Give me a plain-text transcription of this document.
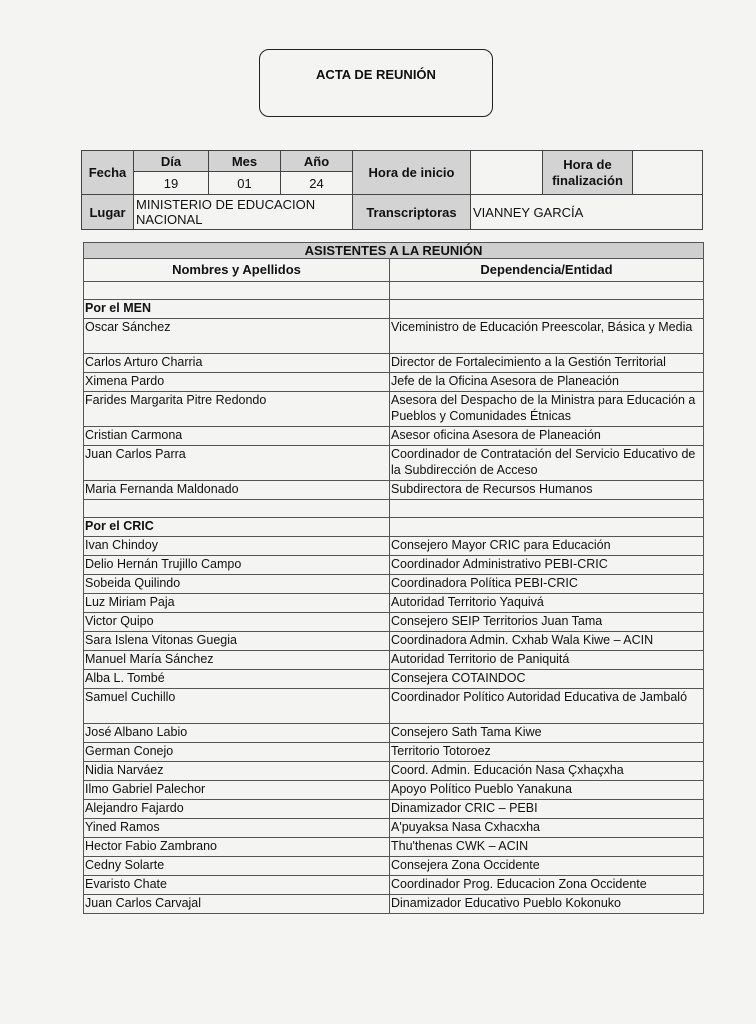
ACTA DE REUNIÓN
Fecha	Día	Mes	Año	Hora de inicio		Hora de finalización	
	19	01	24				
Lugar	MINISTERIO DE EDUCACION NACIONAL			Transcriptoras	VIANNEY GARCÍA		
ASISTENTES A LA REUNIÓN	
Nombres y Apellidos	Dependencia/Entidad

Por el MEN	
Oscar Sánchez	Viceministro de Educación Preescolar, Básica y Media
Carlos Arturo Charria	Director de Fortalecimiento a la Gestión Territorial
Ximena Pardo	Jefe de la Oficina Asesora de Planeación
Farides Margarita Pitre Redondo	Asesora del Despacho de la Ministra para Educación a Pueblos y Comunidades Étnicas
Cristian Carmona	Asesor oficina Asesora de Planeación
Juan Carlos Parra	Coordinador de Contratación del Servicio Educativo de la Subdirección de Acceso
Maria Fernanda Maldonado	Subdirectora de Recursos Humanos

Por el CRIC	
Ivan Chindoy	Consejero Mayor CRIC para Educación
Delio Hernán Trujillo Campo	Coordinador Administrativo PEBI-CRIC
Sobeida Quilindo	Coordinadora Política PEBI-CRIC
Luz Miriam Paja	Autoridad Territorio Yaquivá
Victor Quipo	Consejero SEIP Territorios Juan Tama
Sara Islena Vitonas Guegia	Coordinadora Admin. Cxhab Wala Kiwe – ACIN
Manuel María Sánchez	Autoridad Territorio de Paniquitá
Alba L. Tombé	Consejera COTAINDOC
Samuel Cuchillo	Coordinador Político Autoridad Educativa de Jambaló
José Albano Labio	Consejero Sath Tama Kiwe
German Conejo	Territorio Totoroez
Nidia Narváez	Coord. Admin. Educación Nasa Çxhaçxha
Ilmo Gabriel Palechor	Apoyo Político Pueblo Yanakuna
Alejandro Fajardo	Dinamizador CRIC – PEBI
Yined Ramos	A'puyaksa Nasa Cxhacxha
Hector Fabio Zambrano	Thu'thenas CWK – ACIN
Cedny Solarte	Consejera Zona Occidente
Evaristo Chate	Coordinador Prog. Educacion Zona Occidente
Juan Carlos Carvajal	Dinamizador Educativo Pueblo Kokonuko
